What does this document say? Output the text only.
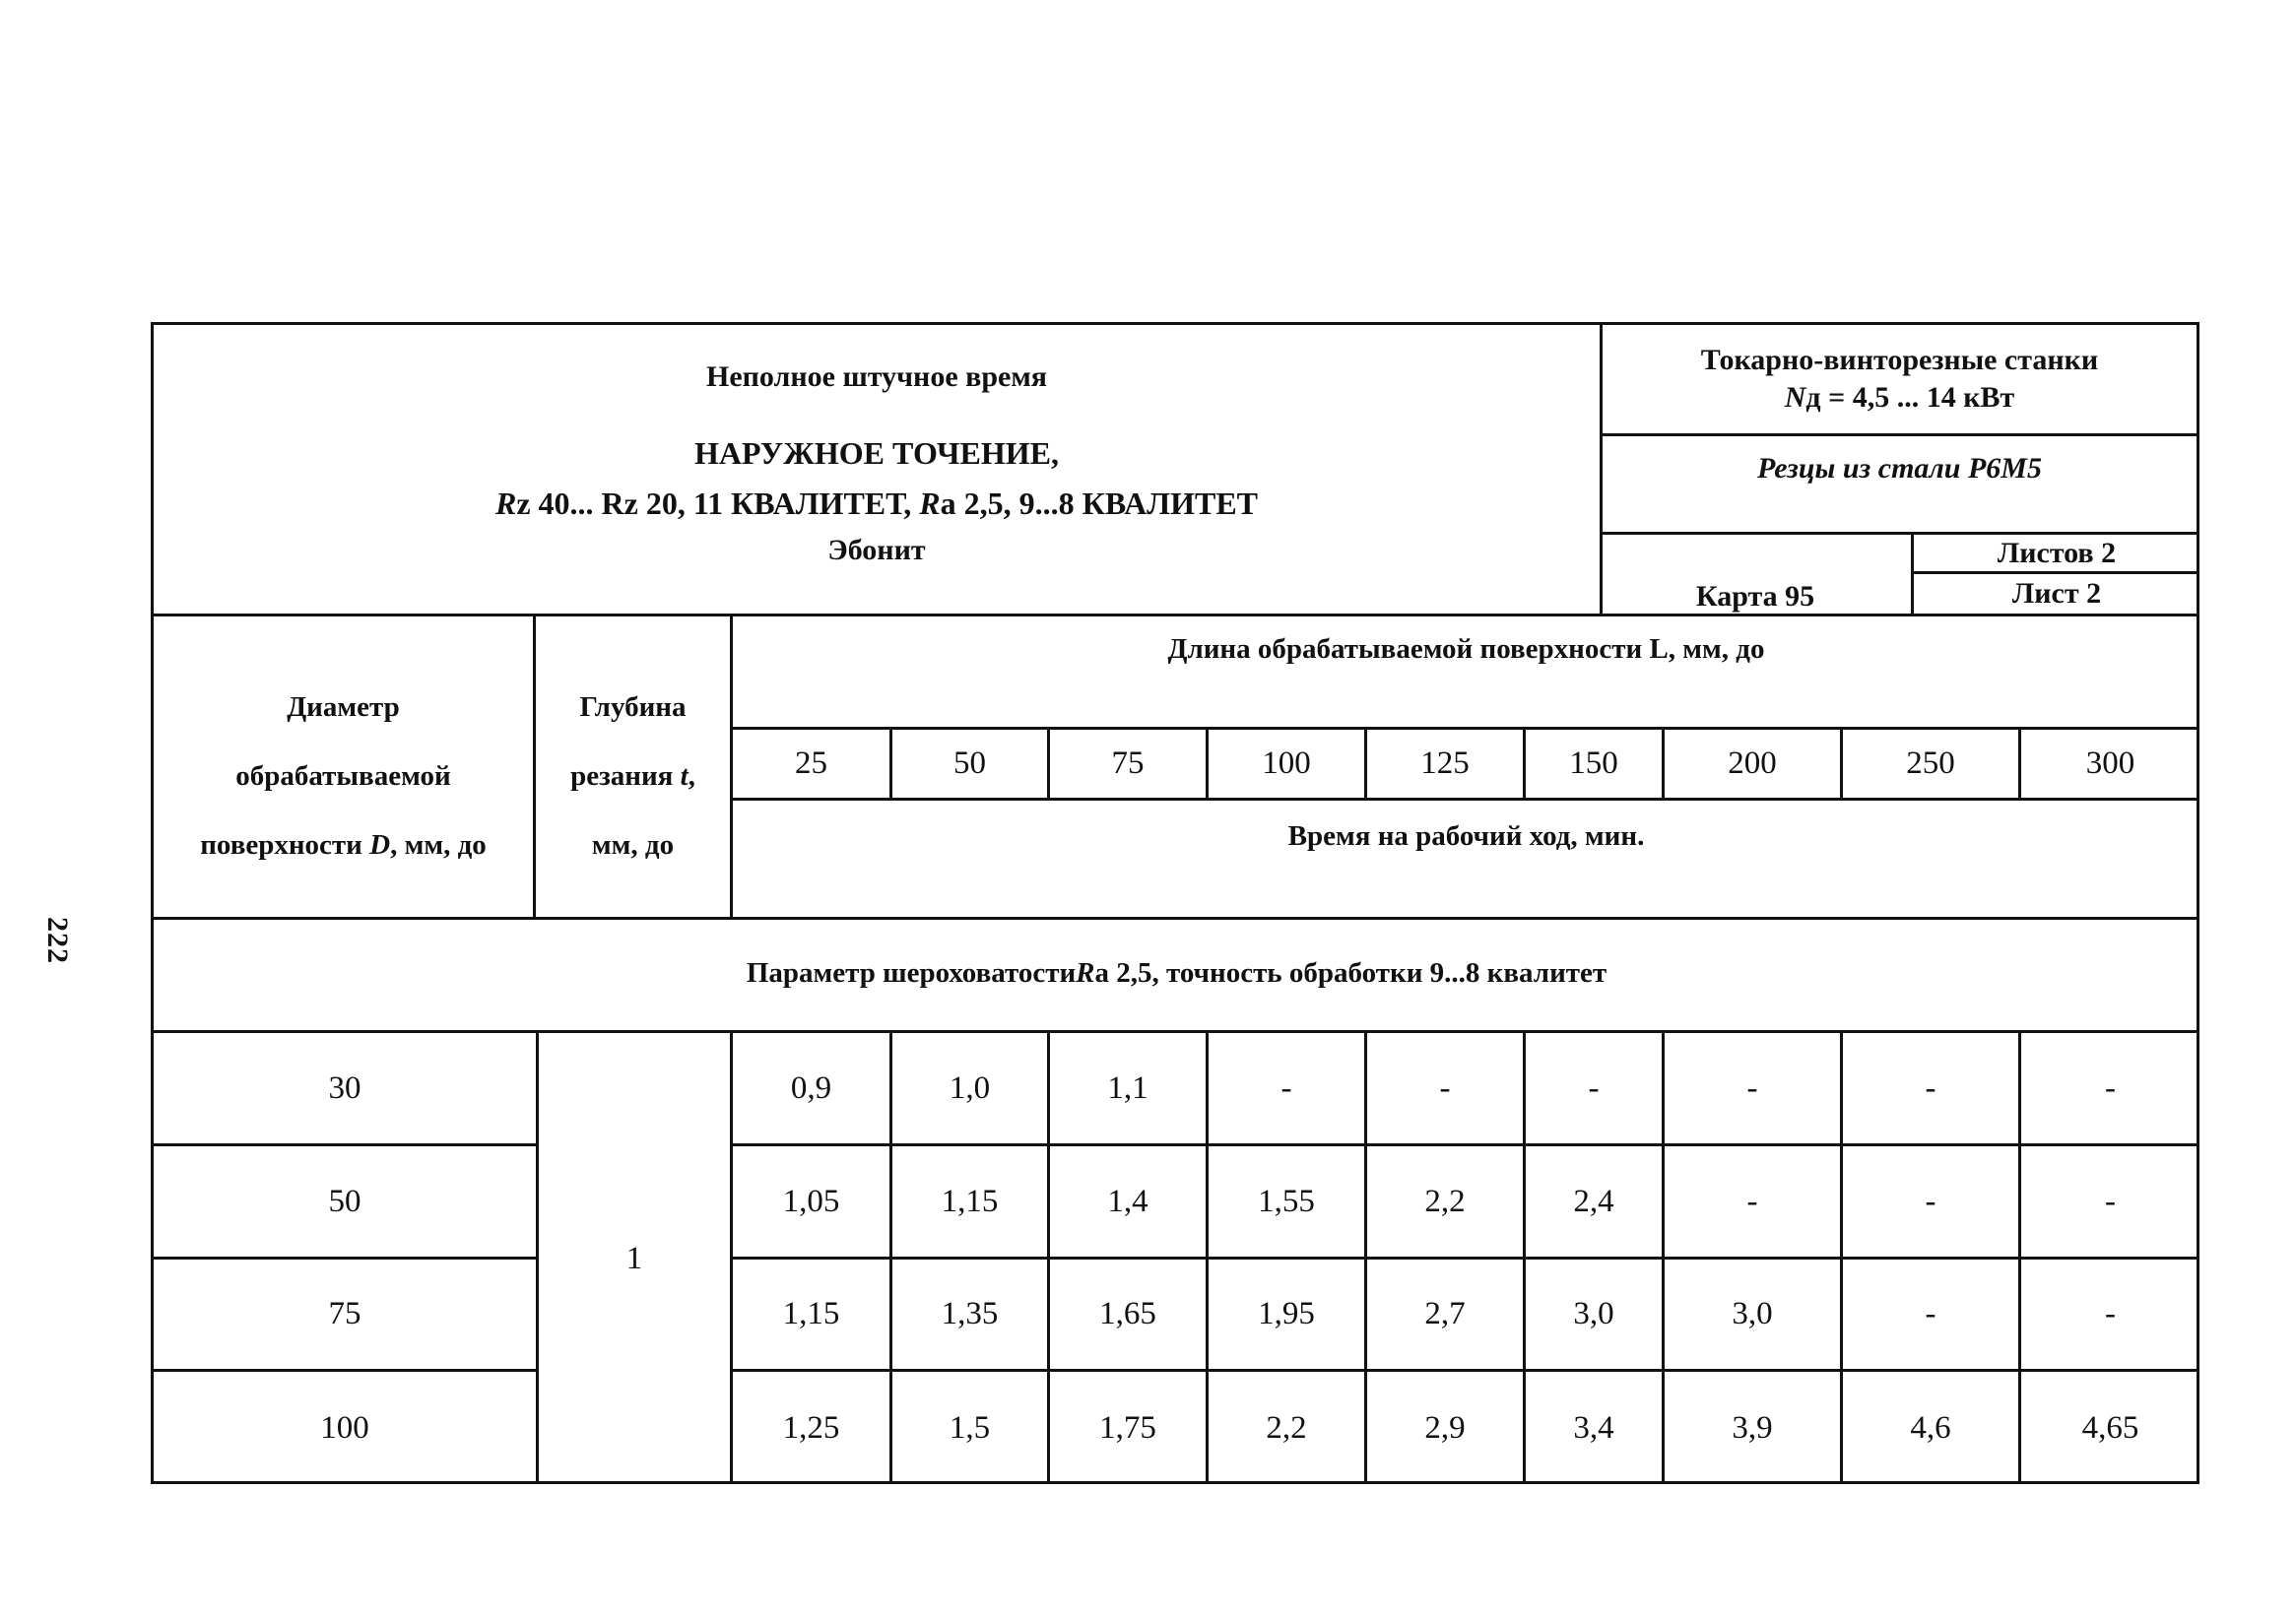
222
Неполное штучное время
НАРУЖНОЕ ТОЧЕНИЕ,
Rz 40... Rz 20, 11 КВАЛИТЕТ, Ra 2,5, 9...8 КВАЛИТЕТ
Эбонит
Токарно-винторезные станки
Nд = 4,5 ... 14 кВт
Резцы из стали Р6М5
Карта 95
Листов 2
Лист 2
Диаметр
обрабатываемой
поверхности D, мм, до
Глубина
резания t,
мм, до
Длина обрабатываемой поверхности L, мм, до
25	50	75	100	125	150	200	250	300
Время на рабочий ход, мин.
Параметр шероховатости R a 2,5, точность обработки 9...8 квалитет
1
30	0,9	1,0	1,1	-	-	-	-	-	-
50	1,05	1,15	1,4	1,55	2,2	2,4	-	-	-
75	1,15	1,35	1,65	1,95	2,7	3,0	3,0	-	-
100	1,25	1,5	1,75	2,2	2,9	3,4	3,9	4,6	4,65
